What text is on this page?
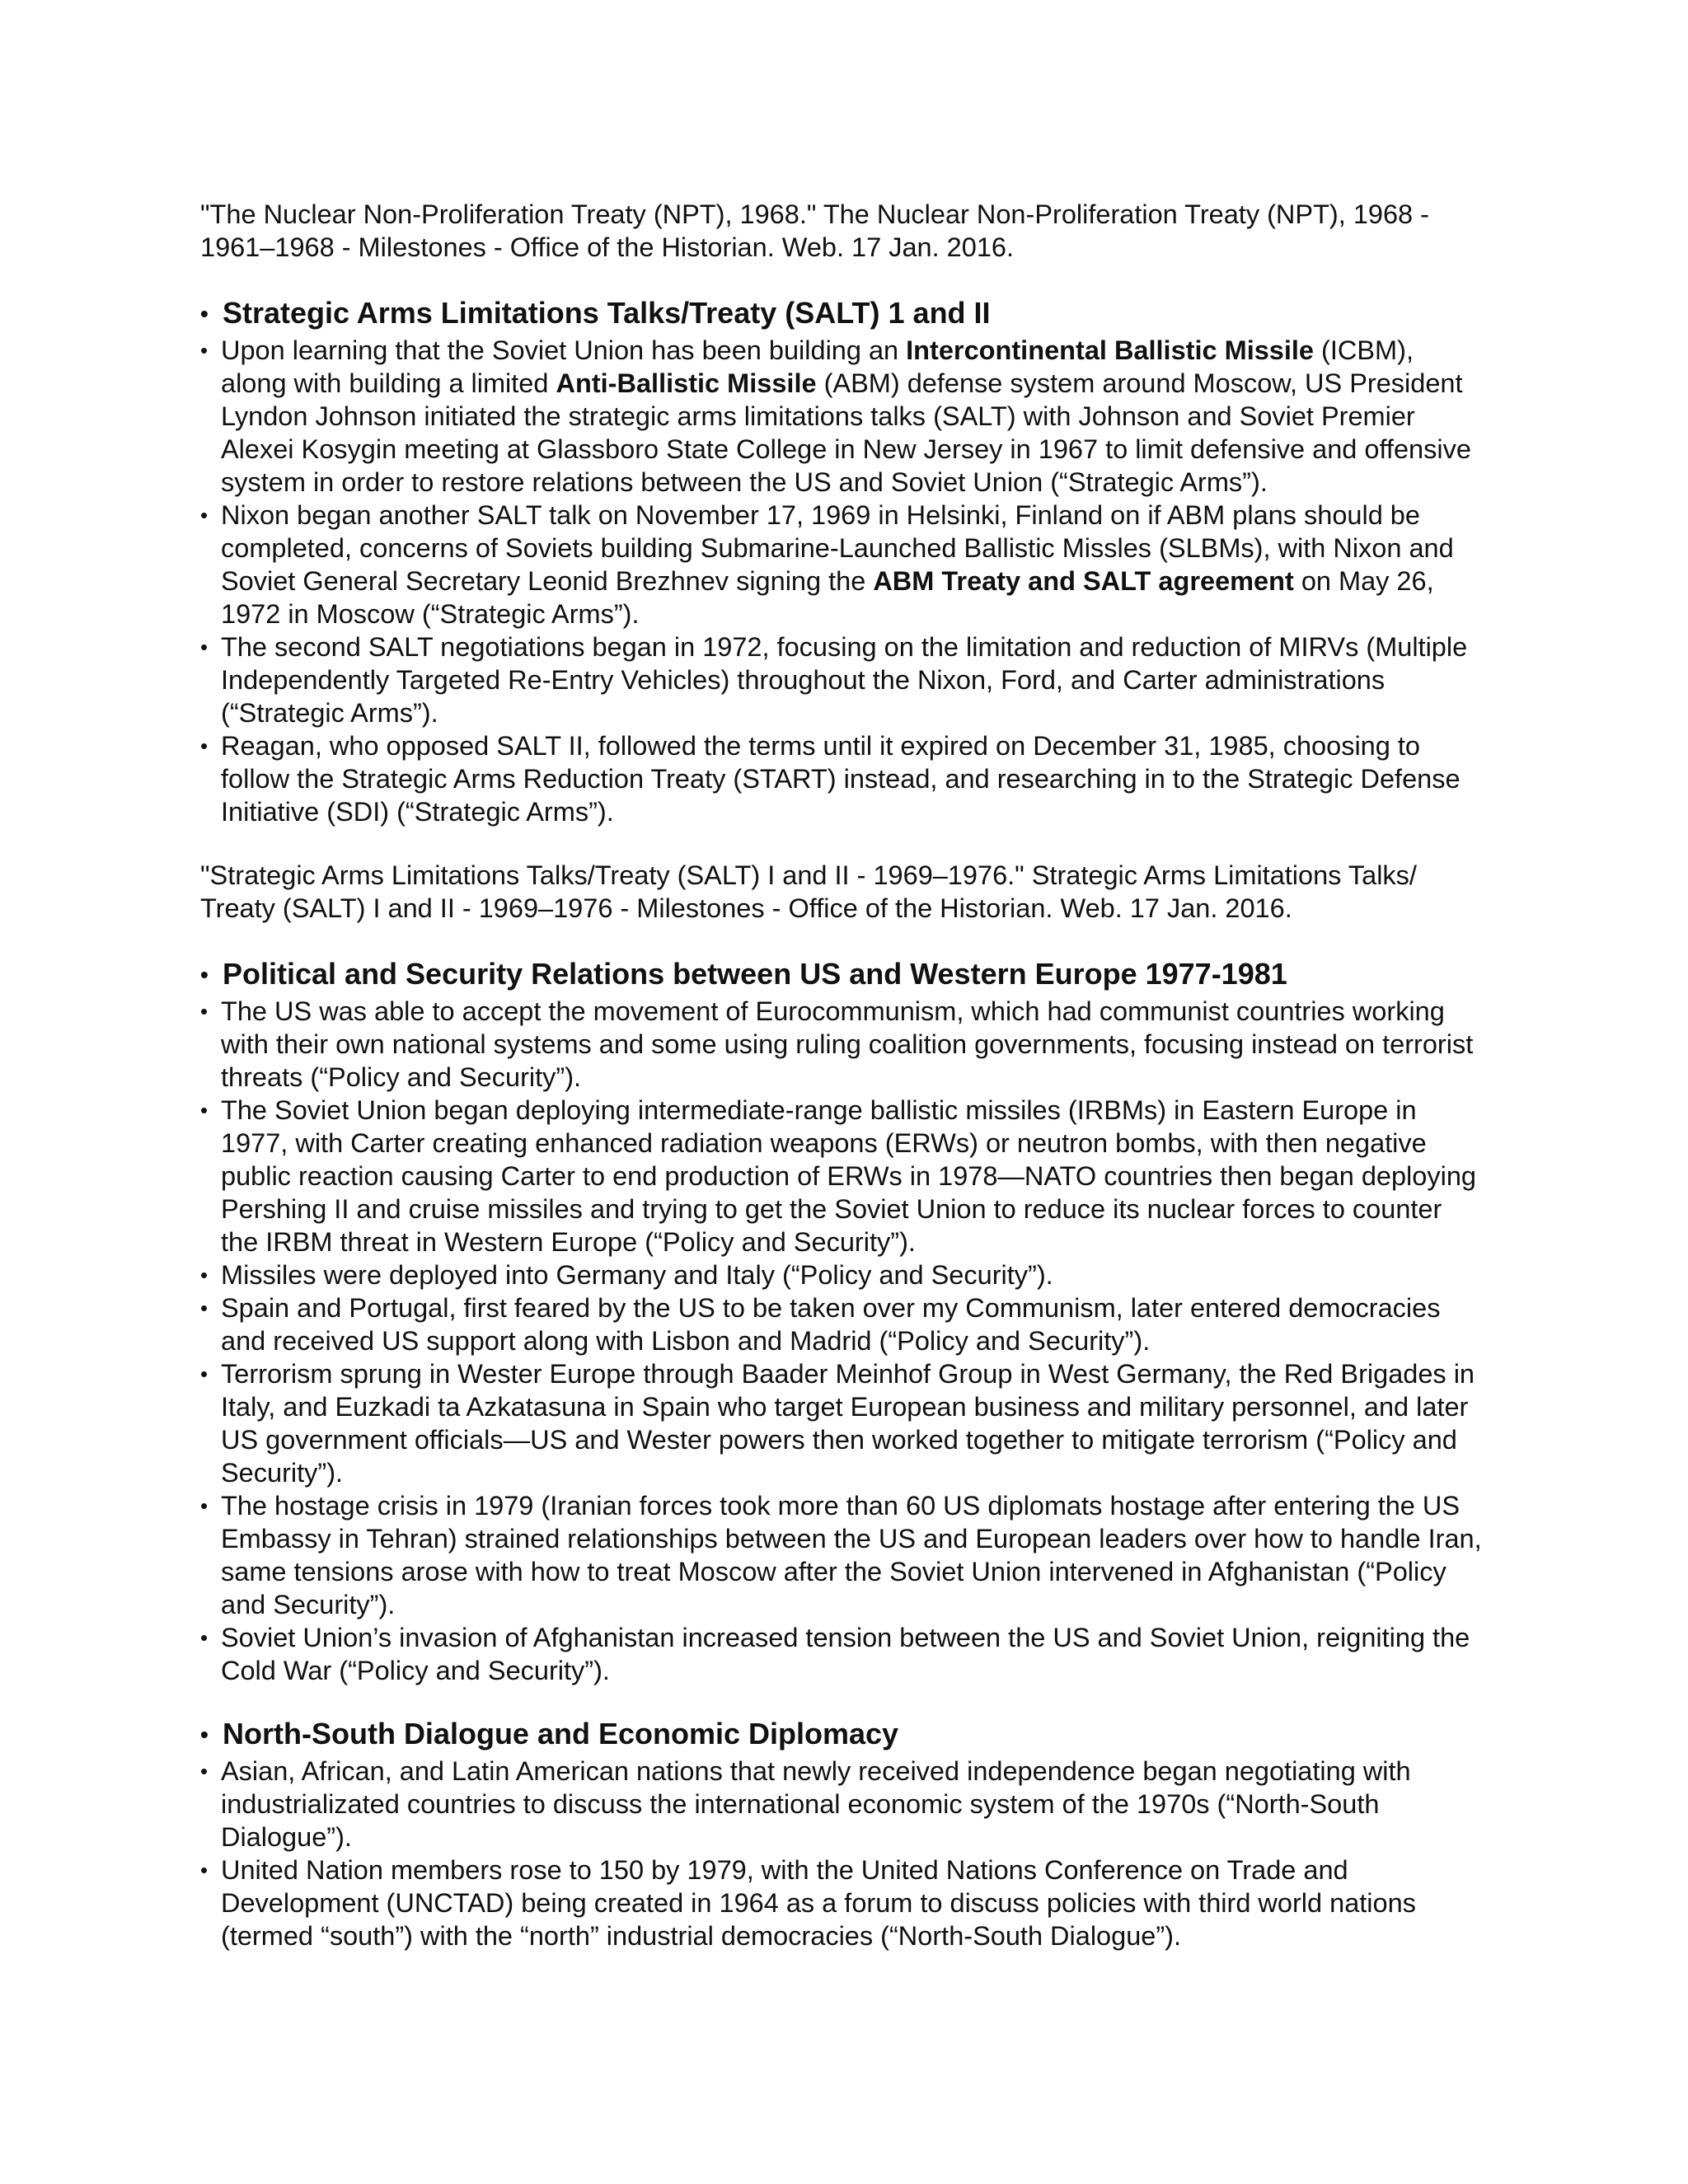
"The Nuclear Non-Proliferation Treaty (NPT), 1968." The Nuclear Non-Proliferation Treaty (NPT), 1968 - 1961–1968 - Milestones - Office of the Historian. Web. 17 Jan. 2016.

• Strategic Arms Limitations Talks/Treaty (SALT) 1 and II
• Upon learning that the Soviet Union has been building an Intercontinental Ballistic Missile (ICBM), along with building a limited Anti-Ballistic Missile (ABM) defense system around Moscow, US President Lyndon Johnson initiated the strategic arms limitations talks (SALT) with Johnson and Soviet Premier Alexei Kosygin meeting at Glassboro State College in New Jersey in 1967 to limit defensive and offensive system in order to restore relations between the US and Soviet Union (“Strategic Arms”).
• Nixon began another SALT talk on November 17, 1969 in Helsinki, Finland on if ABM plans should be completed, concerns of Soviets building Submarine-Launched Ballistic Missles (SLBMs), with Nixon and Soviet General Secretary Leonid Brezhnev signing the ABM Treaty and SALT agreement on May 26, 1972 in Moscow (“Strategic Arms”).
• The second SALT negotiations began in 1972, focusing on the limitation and reduction of MIRVs (Multiple Independently Targeted Re-Entry Vehicles) throughout the Nixon, Ford, and Carter administrations (“Strategic Arms”).
• Reagan, who opposed SALT II, followed the terms until it expired on December 31, 1985, choosing to follow the Strategic Arms Reduction Treaty (START) instead, and researching in to the Strategic Defense Initiative (SDI) (“Strategic Arms”).

"Strategic Arms Limitations Talks/Treaty (SALT) I and II - 1969–1976." Strategic Arms Limitations Talks/ Treaty (SALT) I and II - 1969–1976 - Milestones - Office of the Historian. Web. 17 Jan. 2016.

• Political and Security Relations between US and Western Europe 1977-1981
• The US was able to accept the movement of Eurocommunism, which had communist countries working with their own national systems and some using ruling coalition governments, focusing instead on terrorist threats (“Policy and Security”).
• The Soviet Union began deploying intermediate-range ballistic missiles (IRBMs) in Eastern Europe in 1977, with Carter creating enhanced radiation weapons (ERWs) or neutron bombs, with then negative public reaction causing Carter to end production of ERWs in 1978—NATO countries then began deploying Pershing II and cruise missiles and trying to get the Soviet Union to reduce its nuclear forces to counter the IRBM threat in Western Europe (“Policy and Security”).
• Missiles were deployed into Germany and Italy (“Policy and Security”).
• Spain and Portugal, first feared by the US to be taken over my Communism, later entered democracies and received US support along with Lisbon and Madrid (“Policy and Security”).
• Terrorism sprung in Wester Europe through Baader Meinhof Group in West Germany, the Red Brigades in Italy, and Euzkadi ta Azkatasuna in Spain who target European business and military personnel, and later US government officials—US and Wester powers then worked together to mitigate terrorism (“Policy and Security”).
• The hostage crisis in 1979 (Iranian forces took more than 60 US diplomats hostage after entering the US Embassy in Tehran) strained relationships between the US and European leaders over how to handle Iran, same tensions arose with how to treat Moscow after the Soviet Union intervened in Afghanistan (“Policy and Security”).
• Soviet Union’s invasion of Afghanistan increased tension between the US and Soviet Union, reigniting the Cold War (“Policy and Security”).
• North-South Dialogue and Economic Diplomacy
• Asian, African, and Latin American nations that newly received independence began negotiating with industrializated countries to discuss the international economic system of the 1970s (“North-South Dialogue”).
• United Nation members rose to 150 by 1979, with the United Nations Conference on Trade and Development (UNCTAD) being created in 1964 as a forum to discuss policies with third world nations (termed “south”) with the “north” industrial democracies (“North-South Dialogue”).
